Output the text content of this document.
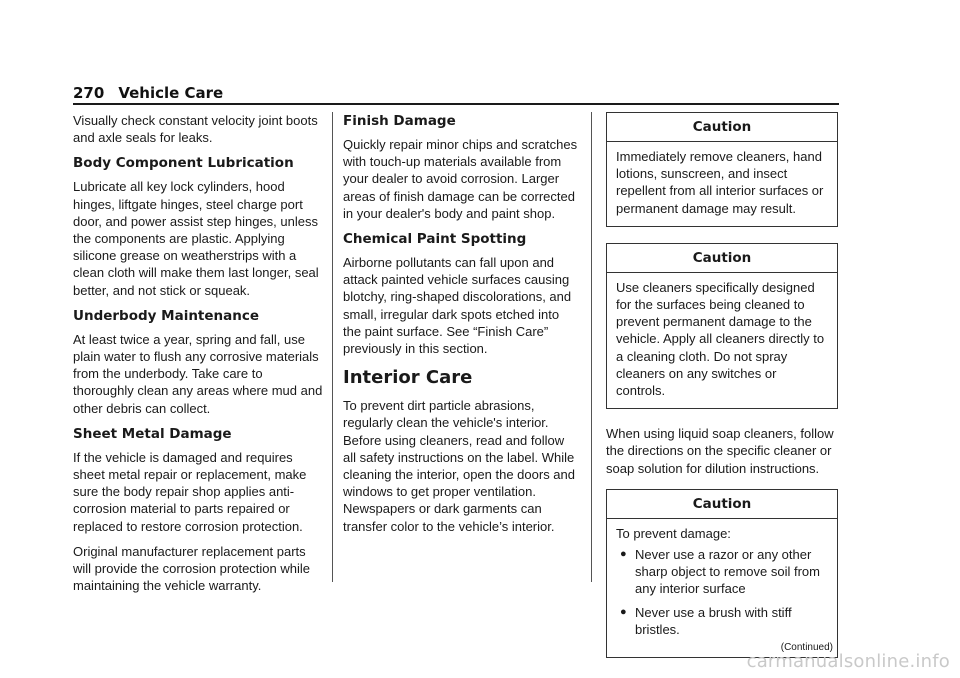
270 Vehicle Care

Visually check constant velocity joint boots and axle seals for leaks.

Body Component Lubrication

Lubricate all key lock cylinders, hood hinges, liftgate hinges, steel charge port door, and power assist step hinges, unless the components are plastic. Applying silicone grease on weatherstrips with a clean cloth will make them last longer, seal better, and not stick or squeak.

Underbody Maintenance

At least twice a year, spring and fall, use plain water to flush any corrosive materials from the underbody. Take care to thoroughly clean any areas where mud and other debris can collect.

Sheet Metal Damage

If the vehicle is damaged and requires sheet metal repair or replacement, make sure the body repair shop applies anti-corrosion material to parts repaired or replaced to restore corrosion protection.

Original manufacturer replacement parts will provide the corrosion protection while maintaining the vehicle warranty.

Finish Damage

Quickly repair minor chips and scratches with touch-up materials available from your dealer to avoid corrosion. Larger areas of finish damage can be corrected in your dealer's body and paint shop.

Chemical Paint Spotting

Airborne pollutants can fall upon and attack painted vehicle surfaces causing blotchy, ring-shaped discolorations, and small, irregular dark spots etched into the paint surface. See “Finish Care” previously in this section.

Interior Care

To prevent dirt particle abrasions, regularly clean the vehicle's interior. Before using cleaners, read and follow all safety instructions on the label. While cleaning the interior, open the doors and windows to get proper ventilation. Newspapers or dark garments can transfer color to the vehicle’s interior.

Caution

Immediately remove cleaners, hand lotions, sunscreen, and insect repellent from all interior surfaces or permanent damage may result.

Caution

Use cleaners specifically designed for the surfaces being cleaned to prevent permanent damage to the vehicle. Apply all cleaners directly to a cleaning cloth. Do not spray cleaners on any switches or controls.

When using liquid soap cleaners, follow the directions on the specific cleaner or soap solution for dilution instructions.

Caution

To prevent damage:

● Never use a razor or any other sharp object to remove soil from any interior surface
● Never use a brush with stiff bristles.
(Continued)
carmanualsonline.info
